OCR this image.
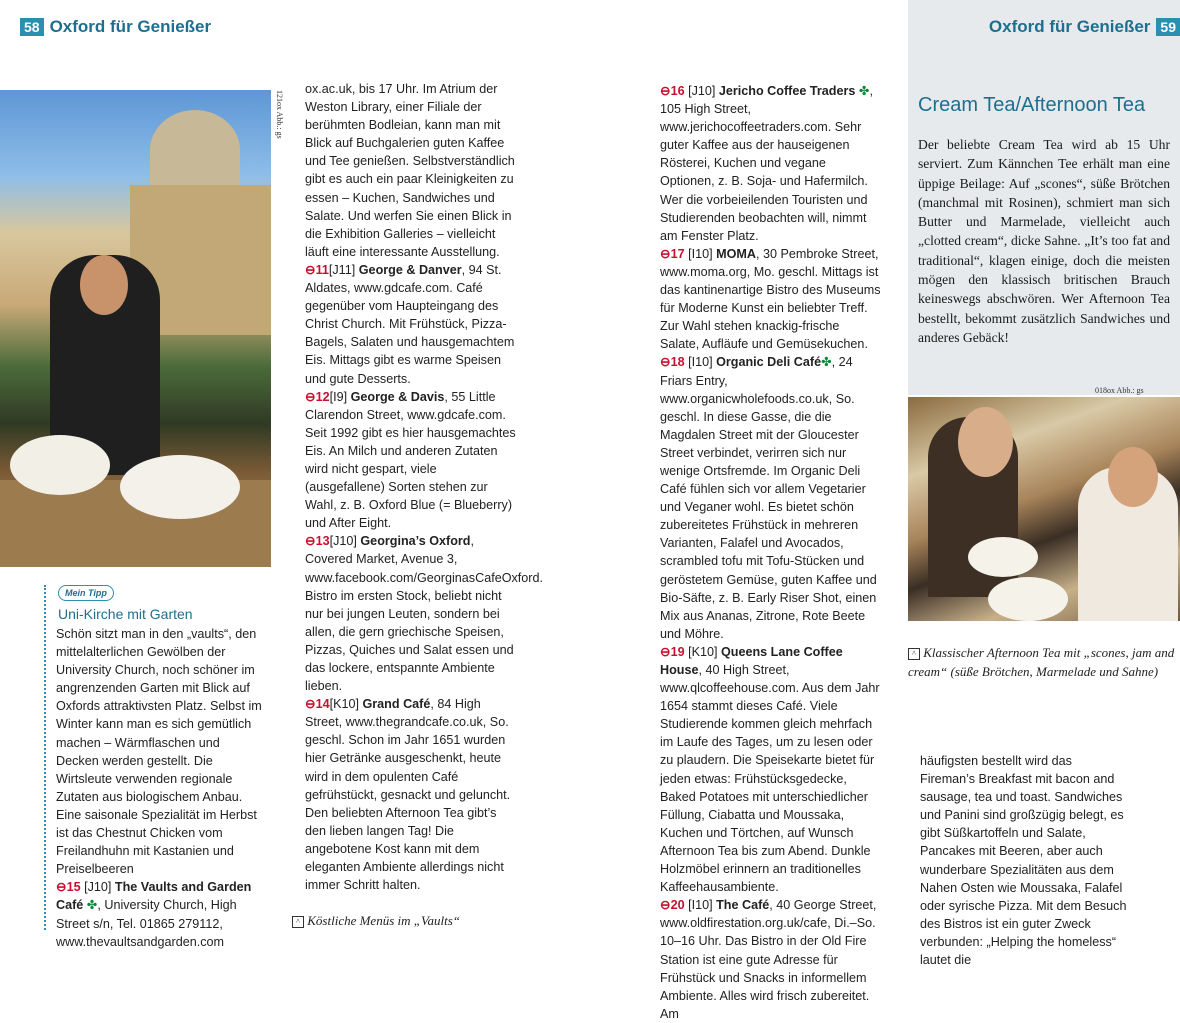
58 Oxford für Genießer
121ox Abb.: gs
Mein Tipp
Uni-Kirche mit Garten

Schön sitzt man in den „vaults“, den mittelalterlichen Gewölben der University Church, noch schöner im angrenzenden Garten mit Blick auf Oxfords attraktivsten Platz. Selbst im Winter kann man es sich gemütlich machen – Wärmflaschen und Decken werden gestellt. Die Wirtsleute verwenden regionale Zutaten aus biologischem Anbau. Eine saisonale Spezialität im Herbst ist das Chestnut Chicken vom Freilandhuhn mit Kastanien und Preiselbeeren

⊖15 [J10] The Vaults and Garden Café ✤, University Church, High Street s/n, Tel. 01865 279112, www.thevaultsandgarden.com

ox.ac.uk, bis 17 Uhr. Im Atrium der Weston Library, einer Filiale der berühmten Bodleian, kann man mit Blick auf Buchgalerien guten Kaffee und Tee genießen. Selbstverständlich gibt es auch ein paar Kleinigkeiten zu essen – Kuchen, Sandwiches und Salate. Und werfen Sie einen Blick in die Exhibition Galleries – vielleicht läuft eine interessante Ausstellung.

⊖11[J11] George & Danver, 94 St. Aldates, www.gdcafe.com. Café gegenüber vom Haupteingang des Christ Church. Mit Frühstück, Pizza-Bagels, Salaten und hausgemachtem Eis. Mittags gibt es warme Speisen und gute Desserts.

⊖12[I9] George & Davis, 55 Little Clarendon Street, www.gdcafe.com. Seit 1992 gibt es hier hausgemachtes Eis. An Milch und anderen Zutaten wird nicht gespart, viele (ausgefallene) Sorten stehen zur Wahl, z. B. Oxford Blue (= Blueberry) und After Eight.

⊖13[J10] Georgina’s Oxford, Covered Market, Avenue 3, www.facebook.com/GeorginasCafeOxford. Bistro im ersten Stock, beliebt nicht nur bei jungen Leuten, sondern bei allen, die gern griechische Speisen, Pizzas, Quiches und Salat essen und das lockere, entspannte Ambiente lieben.

⊖14[K10] Grand Café, 84 High Street, www.thegrandcafe.co.uk, So. geschl. Schon im Jahr 1651 wurden hier Getränke ausgeschenkt, heute wird in dem opulenten Café gefrühstückt, gesnackt und geluncht. Den beliebten Afternoon Tea gibt’s den lieben langen Tag! Die angebotene Kost kann mit dem eleganten Ambiente allerdings nicht immer Schritt halten.

^ Köstliche Menüs im „Vaults“

⊖16 [J10] Jericho Coffee Traders ✤, 105 High Street, www.jerichocoffeetraders.com. Sehr guter Kaffee aus der hauseigenen Rösterei, Kuchen und vegane Optionen, z. B. Soja- und Hafermilch. Wer die vorbeieilenden Touristen und Studierenden beobachten will, nimmt am Fenster Platz.

⊖17 [I10] MOMA, 30 Pembroke Street, www.moma.org, Mo. geschl. Mittags ist das kantinenartige Bistro des Museums für Moderne Kunst ein beliebter Treff. Zur Wahl stehen knackig-frische Salate, Aufläufe und Gemüsekuchen.

⊖18 [I10] Organic Deli Café✤, 24 Friars Entry, www.organicwholefoods.co.uk, So. geschl. In diese Gasse, die die Magdalen Street mit der Gloucester Street verbindet, verirren sich nur wenige Ortsfremde. Im Organic Deli Café fühlen sich vor allem Vegetarier und Veganer wohl. Es bietet schön zubereitetes Frühstück in mehreren Varianten, Falafel und Avocados, scrambled tofu mit Tofu-Stücken und geröstetem Gemüse, guten Kaffee und Bio-Säfte, z. B. Early Riser Shot, einen Mix aus Ananas, Zitrone, Rote Beete und Möhre.

⊖19 [K10] Queens Lane Coffee House, 40 High Street, www.qlcoffeehouse.com. Aus dem Jahr 1654 stammt dieses Café. Viele Studierende kommen gleich mehrfach im Laufe des Tages, um zu lesen oder zu plaudern. Die Speisekarte bietet für jeden etwas: Frühstücksgedecke, Baked Potatoes mit unterschiedlicher Füllung, Ciabatta und Moussaka, Kuchen und Törtchen, auf Wunsch Afternoon Tea bis zum Abend. Dunkle Holzmöbel erinnern an traditionelles Kaffeehausambiente.

⊖20 [I10] The Café, 40 George Street, www.oldfirestation.org.uk/cafe, Di.–So. 10–16 Uhr. Das Bistro in der Old Fire Station ist eine gute Adresse für Frühstück und Snacks in informellem Ambiente. Alles wird frisch zubereitet. Am

Oxford für Genießer 59
Cream Tea/Afternoon Tea
Der beliebte Cream Tea wird ab 15 Uhr serviert. Zum Kännchen Tee erhält man eine üppige Beilage: Auf „scones“, süße Brötchen (manchmal mit Rosinen), schmiert man sich Butter und Marmelade, vielleicht auch „clotted cream“, dicke Sahne. „It’s too fat and traditional“, klagen einige, doch die meisten mögen den klassisch britischen Brauch keineswegs abschwören. Wer Afternoon Tea bestellt, bekommt zusätzlich Sandwiches und anderes Gebäck!
018ox Abb.: gs
^ Klassischer Afternoon Tea mit „scones, jam and cream“ (süße Brötchen, Marmelade und Sahne)
häufigsten bestellt wird das Fireman’s Breakfast mit bacon and sausage, tea und toast. Sandwiches und Panini sind großzügig belegt, es gibt Süßkartoffeln und Salate, Pancakes mit Beeren, aber auch wunderbare Spezialitäten aus dem Nahen Osten wie Moussaka, Falafel oder syrische Pizza. Mit dem Besuch des Bistros ist ein guter Zweck verbunden: „Helping the homeless“ lautet die
